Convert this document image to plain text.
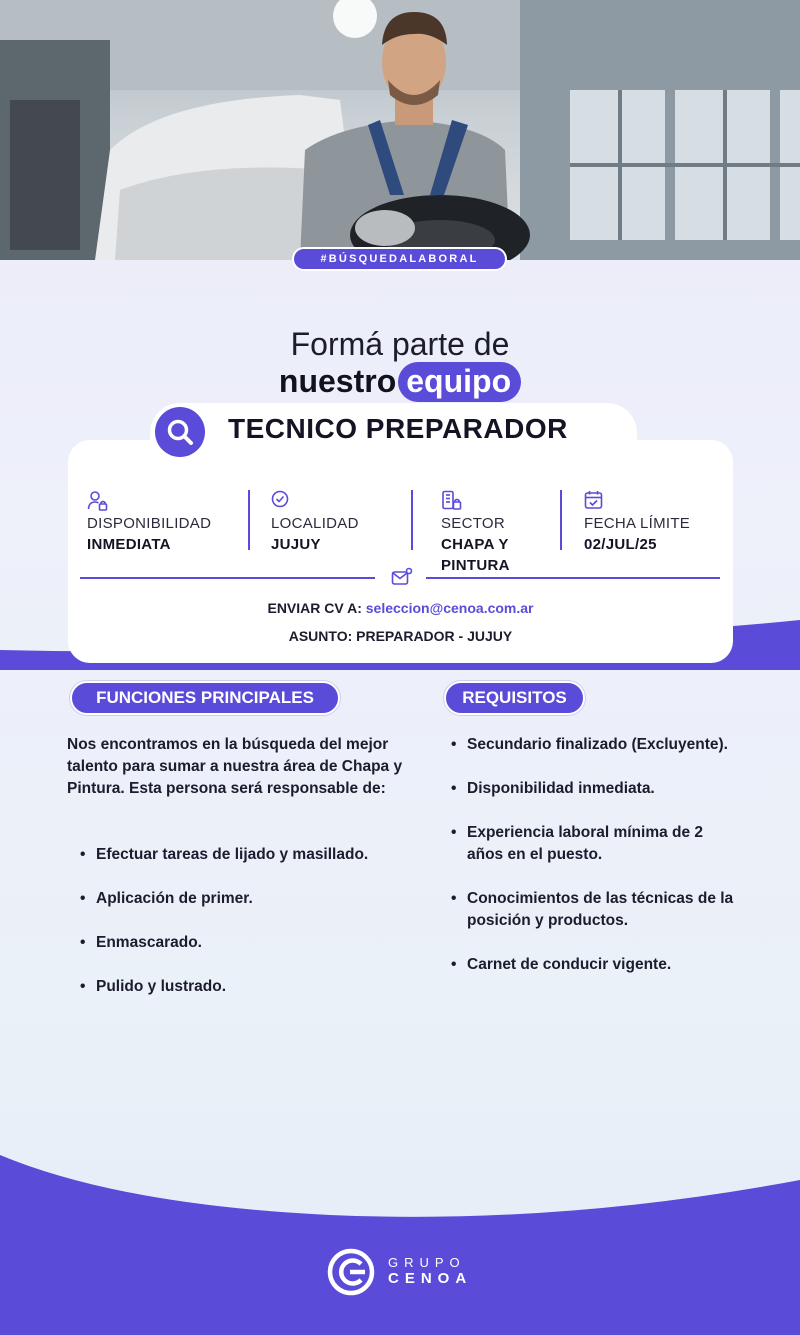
#BÚSQUEDALABORAL
Formá parte de
nuestro equipo
TECNICO PREPARADOR
DISPONIBILIDAD
INMEDIATA
LOCALIDAD
JUJUY
SECTOR
CHAPA Y PINTURA
FECHA LÍMITE
02/JUL/25
ENVIAR CV A: seleccion@cenoa.com.ar
ASUNTO: PREPARADOR - JUJUY
FUNCIONES PRINCIPALES	REQUISITOS
Nos encontramos en la búsqueda del mejor talento para sumar a nuestra área de Chapa y Pintura. Esta persona será responsable de:
• Efectuar tareas de lijado y masillado.
• Aplicación de primer.
• Enmascarado.
• Pulido y lustrado.
• Secundario finalizado (Excluyente).
• Disponibilidad inmediata.
• Experiencia laboral mínima de 2 años en el puesto.
• Conocimientos de las técnicas de la posición y productos.
• Carnet de conducir vigente.
GRUPO
CENOA
